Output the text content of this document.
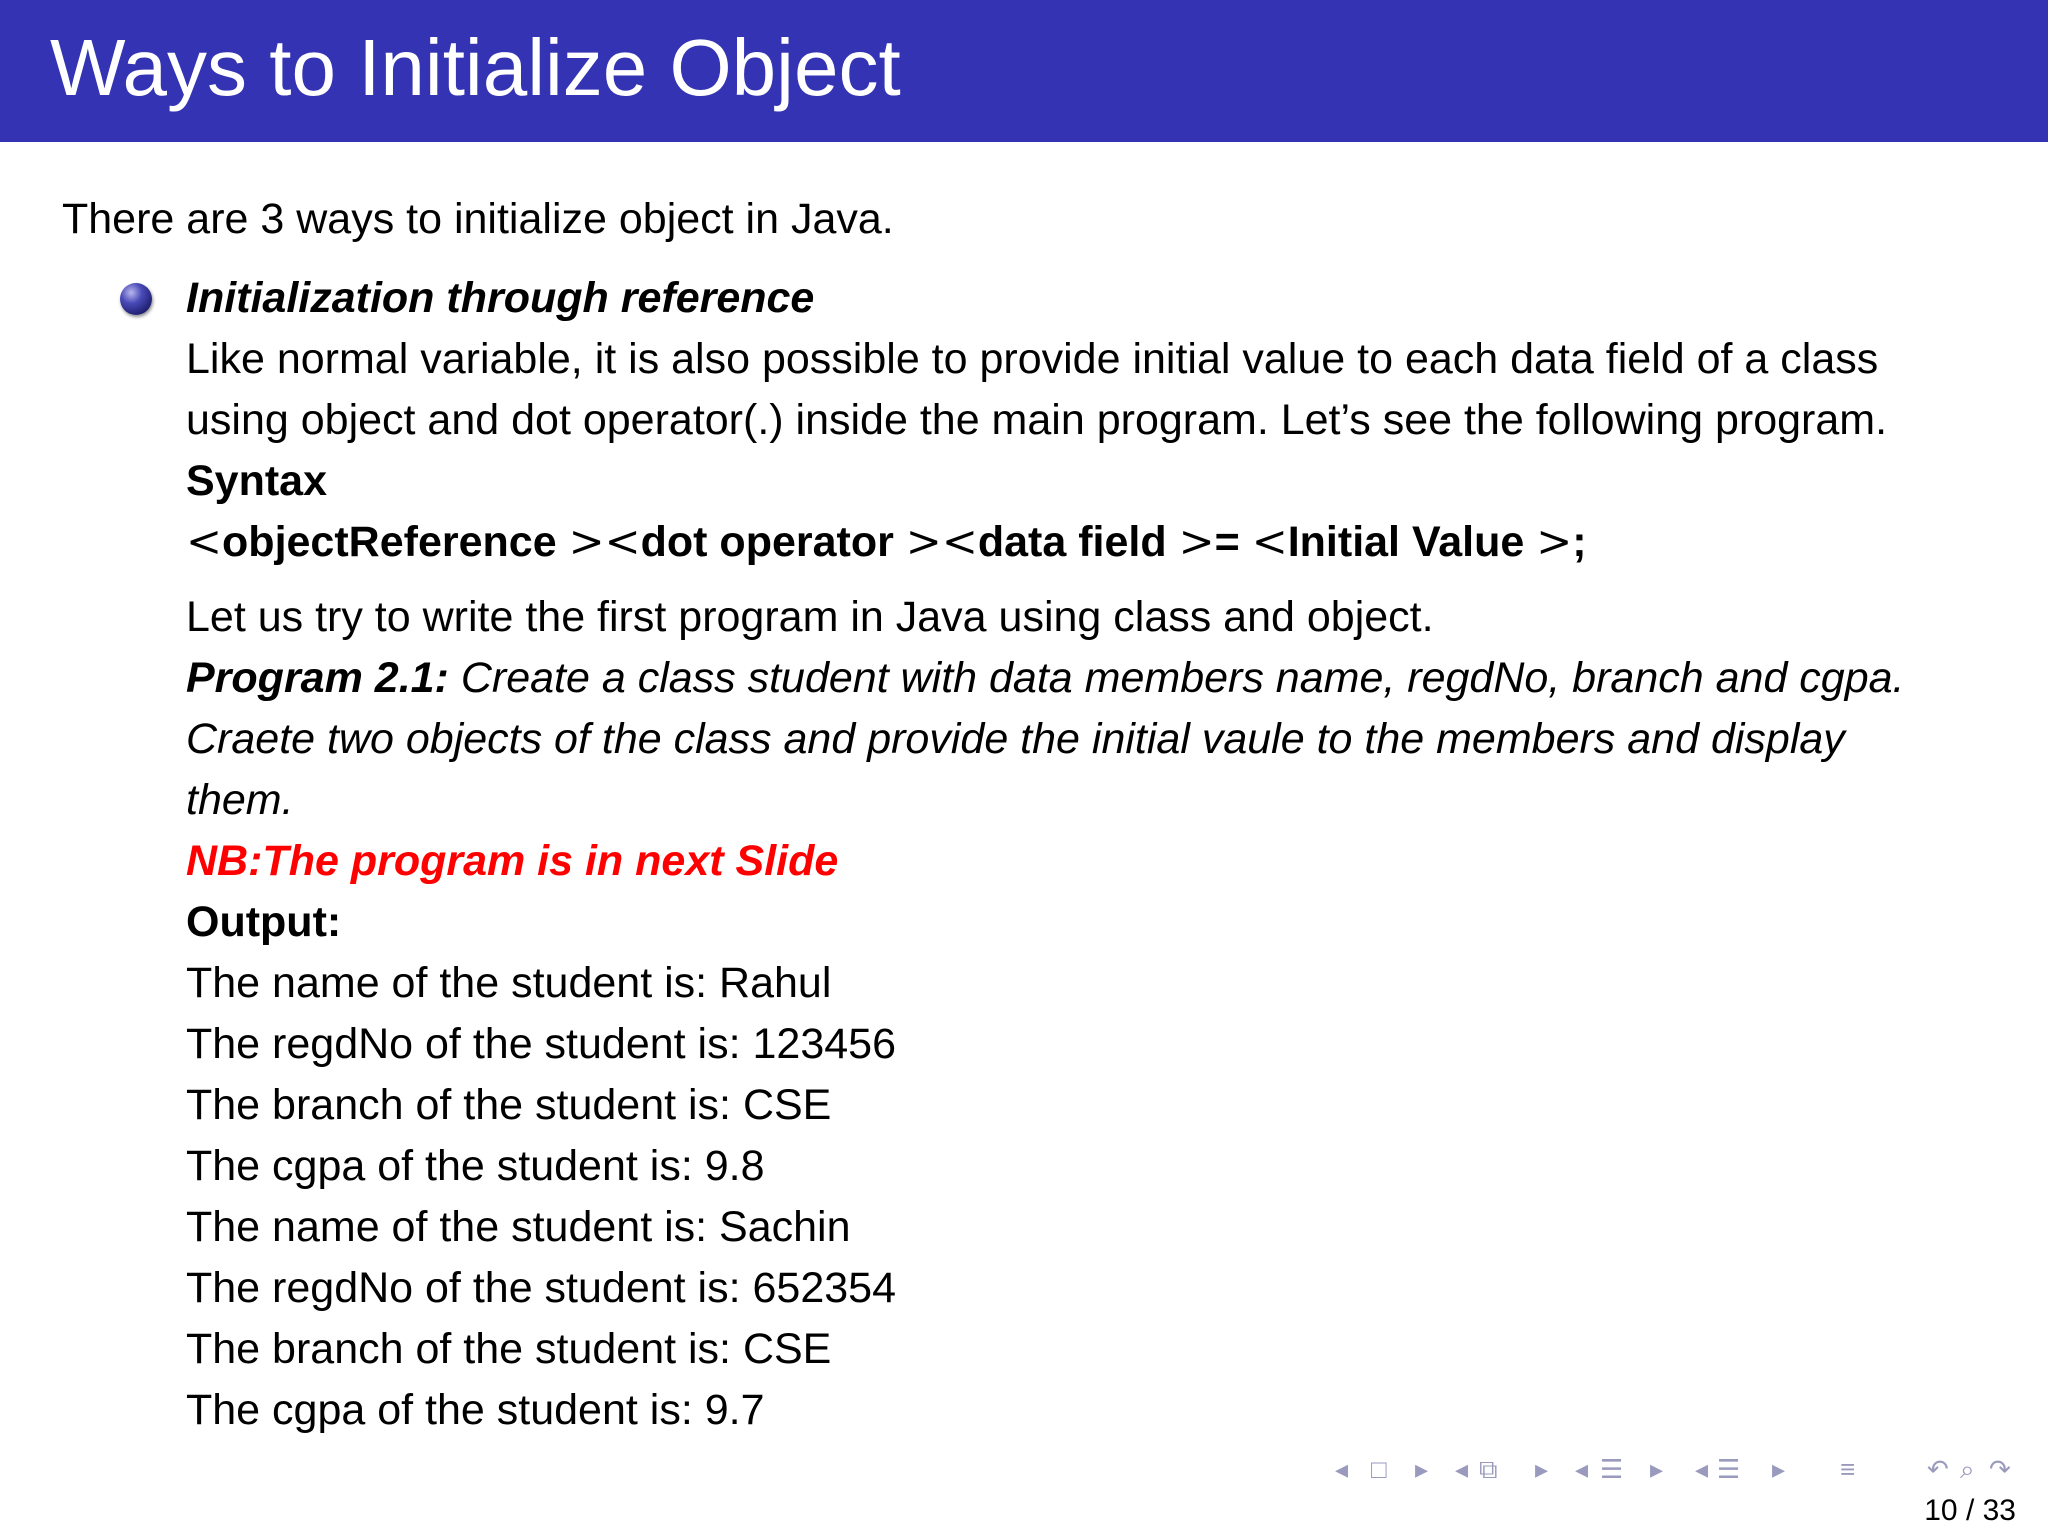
Ways to Initialize Object
There are 3 ways to initialize object in Java.
Initialization through reference
Like normal variable, it is also possible to provide initial value to each data field of a class
using object and dot operator(.) inside the main program. Let’s see the following program.
Syntax
<objectReference ><dot operator ><data field >= <Initial Value >;
Let us try to write the first program in Java using class and object.
Program 2.1: Create a class student with data members name, regdNo, branch and cgpa.
Craete two objects of the class and provide the initial vaule to the members and display
them.
NB:The program is in next Slide
Output:
The name of the student is: Rahul
The regdNo of the student is: 123456
The branch of the student is: CSE
The cgpa of the student is: 9.8
The name of the student is: Sachin
The regdNo of the student is: 652354
The branch of the student is: CSE
The cgpa of the student is: 9.7
◂ □ ▸ ◂ ⧉ ▸ ◂ ☰ ▸ ◂ ☰ ▸ ≡	↶ ⌕ ↷
10 / 33
